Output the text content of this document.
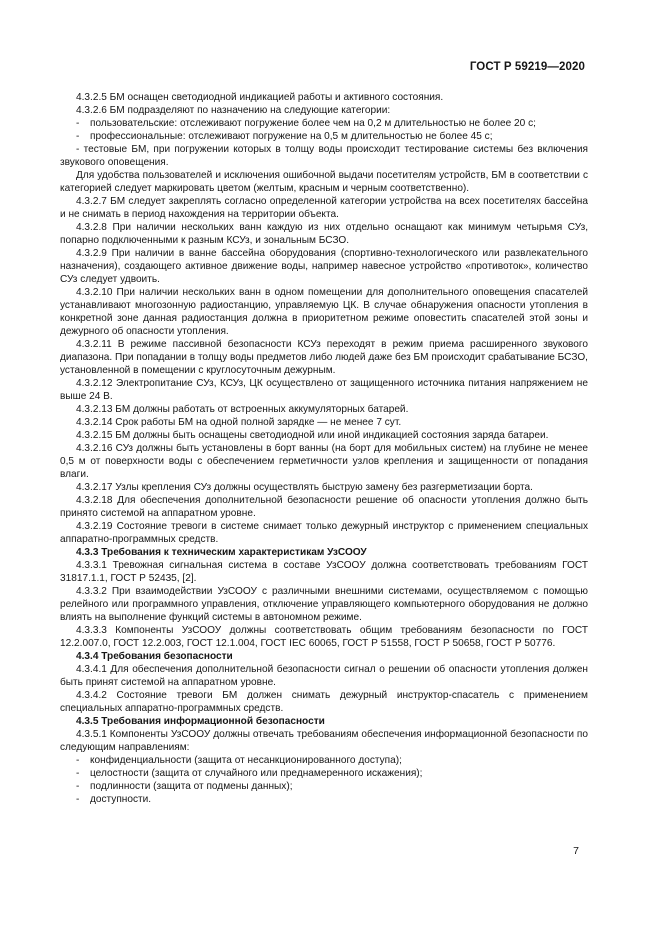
ГОСТ Р 59219—2020
4.3.2.5 БМ оснащен светодиодной индикацией работы и активного состояния.
4.3.2.6 БМ подразделяют по назначению на следующие категории:
- пользовательские: отслеживают погружение более чем на 0,2 м длительностью не более 20 с;
- профессиональные: отслеживают погружение на 0,5 м длительностью не более 45 с;
- тестовые БМ, при погружении которых в толщу воды происходит тестирование системы без включения звукового оповещения.
Для удобства пользователей и исключения ошибочной выдачи посетителям устройств, БМ в соответствии с категорией следует маркировать цветом (желтым, красным и черным соответственно).
4.3.2.7 БМ следует закреплять согласно определенной категории устройства на всех посетителях бассейна и не снимать в период нахождения на территории объекта.
4.3.2.8 При наличии нескольких ванн каждую из них отдельно оснащают как минимум четырьмя СУз, попарно подключенными к разным КСУз, и зональным БСЗО.
4.3.2.9 При наличии в ванне бассейна оборудования (спортивно-технологического или развлекательного назначения), создающего активное движение воды, например навесное устройство «противоток», количество СУз следует удвоить.
4.3.2.10 При наличии нескольких ванн в одном помещении для дополнительного оповещения спасателей устанавливают многозонную радиостанцию, управляемую ЦК. В случае обнаружения опасности утопления в конкретной зоне данная радиостанция должна в приоритетном режиме оповестить спасателей этой зоны и дежурного об опасности утопления.
4.3.2.11 В режиме пассивной безопасности КСУз переходят в режим приема расширенного звукового диапазона. При попадании в толщу воды предметов либо людей даже без БМ происходит срабатывание БСЗО, установленной в помещении с круглосуточным дежурным.
4.3.2.12 Электропитание СУз, КСУз, ЦК осуществлено от защищенного источника питания напряжением не выше 24 В.
4.3.2.13 БМ должны работать от встроенных аккумуляторных батарей.
4.3.2.14 Срок работы БМ на одной полной зарядке — не менее 7 сут.
4.3.2.15 БМ должны быть оснащены светодиодной или иной индикацией состояния заряда батареи.
4.3.2.16 СУз должны быть установлены в борт ванны (на борт для мобильных систем) на глубине не менее 0,5 м от поверхности воды с обеспечением герметичности узлов крепления и защищенности от попадания влаги.
4.3.2.17 Узлы крепления СУз должны осуществлять быструю замену без разгерметизации борта.
4.3.2.18 Для обеспечения дополнительной безопасности решение об опасности утопления должно быть принято системой на аппаратном уровне.
4.3.2.19 Состояние тревоги в системе снимает только дежурный инструктор с применением специальных аппаратно-программных средств.
4.3.3 Требования к техническим характеристикам УзСООУ
4.3.3.1 Тревожная сигнальная система в составе УзСООУ должна соответствовать требованиям ГОСТ 31817.1.1, ГОСТ Р 52435, [2].
4.3.3.2 При взаимодействии УзСООУ с различными внешними системами, осуществляемом с помощью релейного или программного управления, отключение управляющего компьютерного оборудования не должно влиять на выполнение функций системы в автономном режиме.
4.3.3.3 Компоненты УзСООУ должны соответствовать общим требованиям безопасности по ГОСТ 12.2.007.0, ГОСТ 12.2.003, ГОСТ 12.1.004, ГОСТ IEC 60065, ГОСТ Р 51558, ГОСТ Р 50658, ГОСТ Р 50776.
4.3.4 Требования безопасности
4.3.4.1 Для обеспечения дополнительной безопасности сигнал о решении об опасности утопления должен быть принят системой на аппаратном уровне.
4.3.4.2 Состояние тревоги БМ должен снимать дежурный инструктор-спасатель с применением специальных аппаратно-программных средств.
4.3.5 Требования информационной безопасности
4.3.5.1 Компоненты УзСООУ должны отвечать требованиям обеспечения информационной безопасности по следующим направлениям:
- конфиденциальности (защита от несанкционированного доступа);
- целостности (защита от случайного или преднамеренного искажения);
- подлинности (защита от подмены данных);
- доступности.
7
